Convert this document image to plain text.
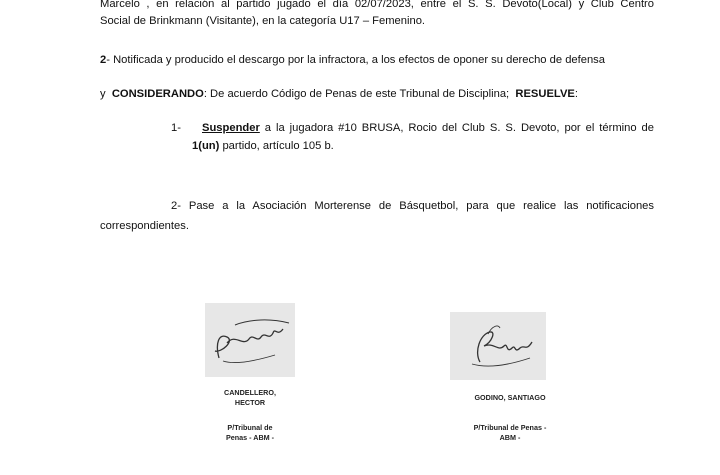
Marcelo , en relación al partido jugado el día 02/07/2023, entre el S. S. Devoto(Local) y Club Centro

Social de Brinkmann (Visitante), en la categoría U17 – Femenino.

2- Notificada y producido el descargo por la infractora, a los efectos de oponer su derecho de defensa

y CONSIDERANDO: De acuerdo Código de Penas de este Tribunal de Disciplina; RESUELVE:

1-	Suspender a la jugadora #10 BRUSA, Rocio del Club S. S. Devoto, por el término de

1(un) partido, artículo 105 b.

2- Pase a la Asociación Morterense de Básquetbol, para que realice las notificaciones

correspondientes.

CANDELLERO,
HECTOR
P/Tribunal de
Penas - ABM -
GODINO, SANTIAGO
P/Tribunal de Penas -
ABM -
